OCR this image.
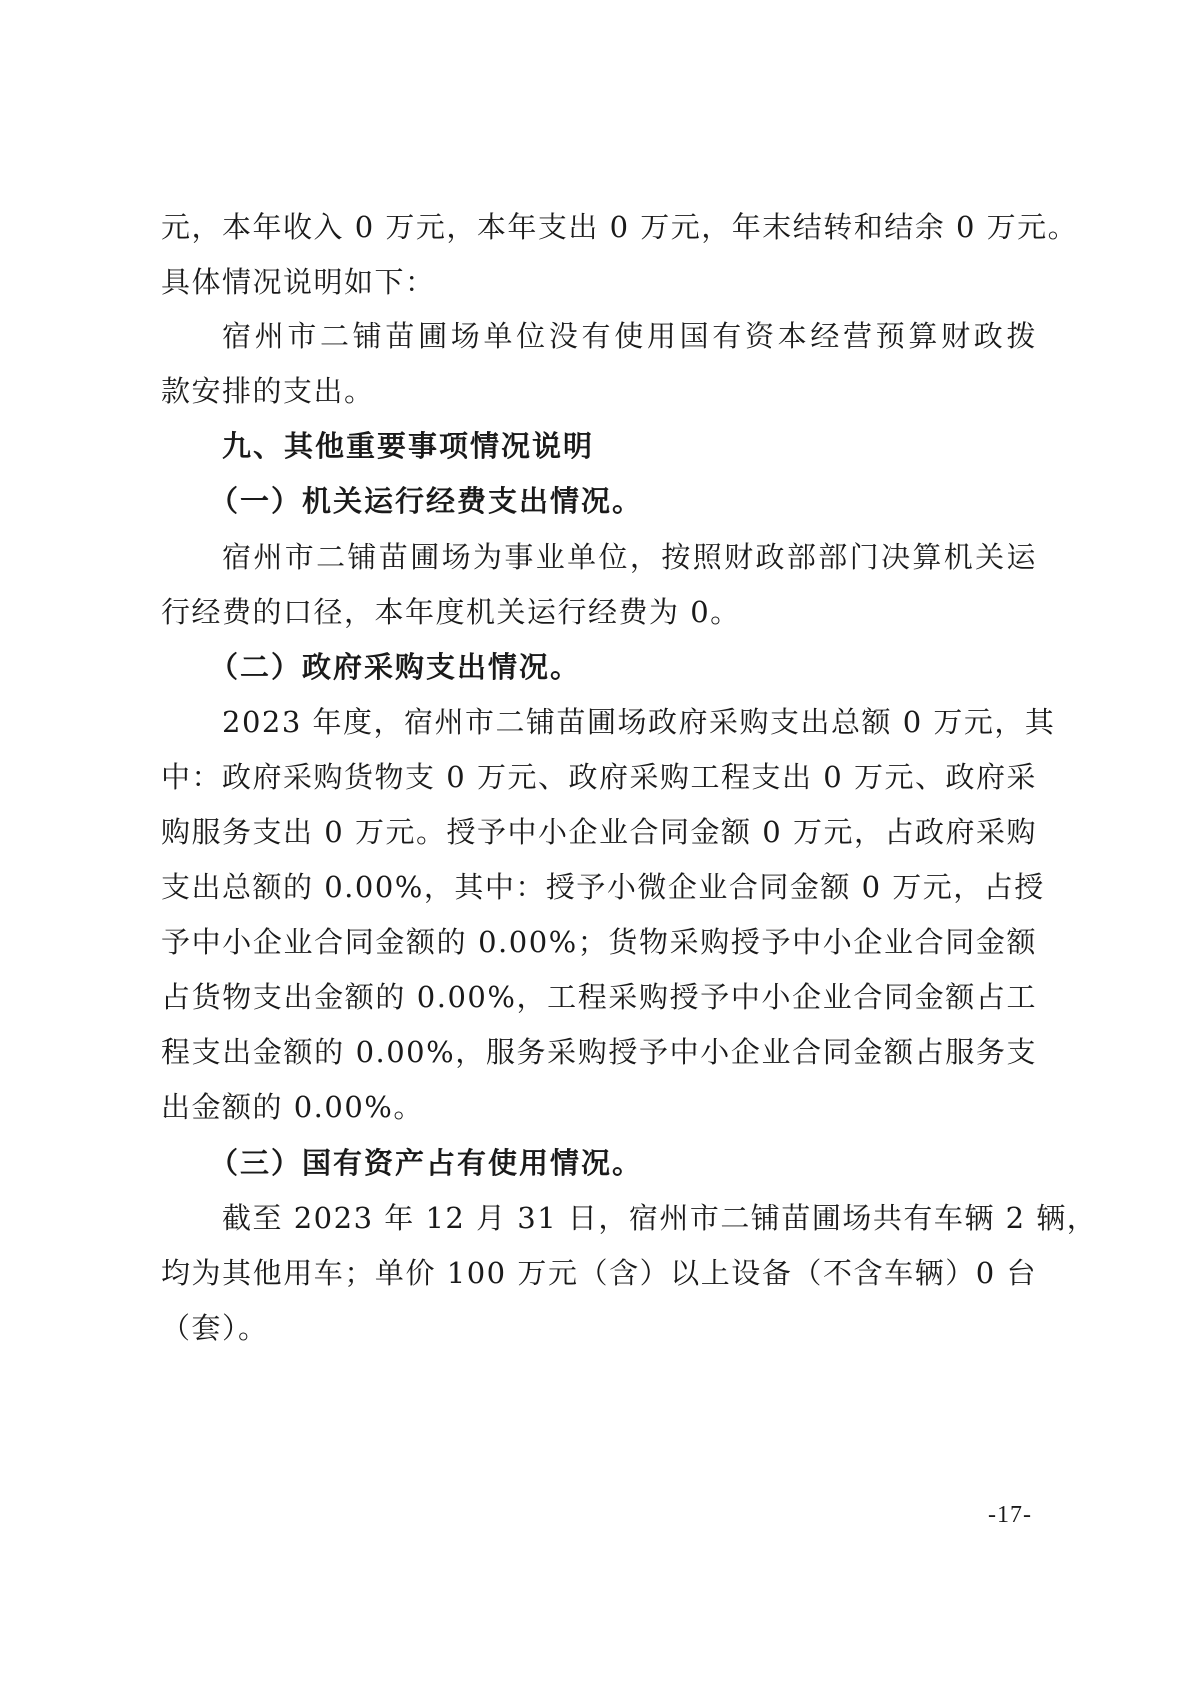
元，本年收入 0 万元，本年支出 0 万元，年末结转和结余 0 万元。
具体情况说明如下：
宿州市二铺苗圃场单位没有使用国有资本经营预算财政拨
款安排的支出。
九、其他重要事项情况说明
（一）机关运行经费支出情况。
宿州市二铺苗圃场为事业单位，按照财政部部门决算机关运
行经费的口径，本年度机关运行经费为 0。
（二）政府采购支出情况。
2023 年度，宿州市二铺苗圃场政府采购支出总额 0 万元，其
中：政府采购货物支 0 万元、政府采购工程支出 0 万元、政府采
购服务支出 0 万元。授予中小企业合同金额 0 万元，占政府采购
支出总额的 0.00%，其中：授予小微企业合同金额 0 万元，占授
予中小企业合同金额的 0.00%；货物采购授予中小企业合同金额
占货物支出金额的 0.00%，工程采购授予中小企业合同金额占工
程支出金额的 0.00%，服务采购授予中小企业合同金额占服务支
出金额的 0.00%。
（三）国有资产占有使用情况。
截至 2023 年 12 月 31 日，宿州市二铺苗圃场共有车辆 2 辆，
均为其他用车；单价 100 万元（含）以上设备（不含车辆）0 台
（套）。
-17-
